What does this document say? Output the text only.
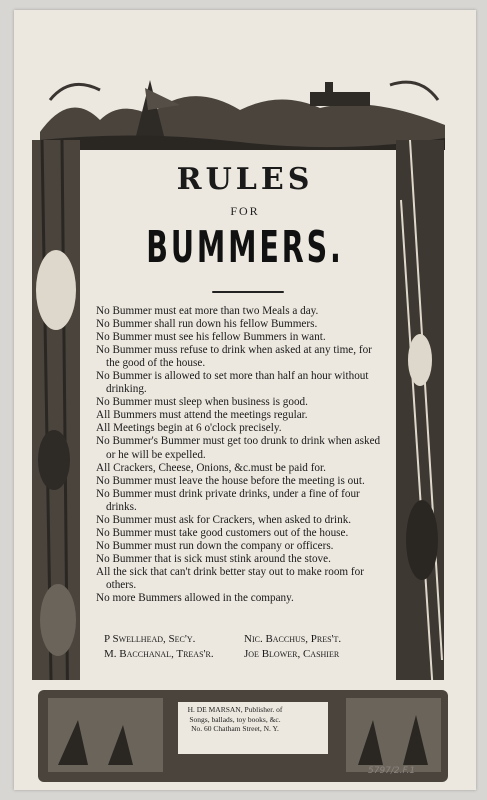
RULES
FOR
BUMMERS.
No Bummer must eat more than two Meals a day.
No Bummer shall run down his fellow Bummers.
No Bummer must see his fellow Bummers in want.
No Bummer muss refuse to drink when asked at any time, for the good of the house.
No Bummer is allowed to set more than half an hour without drinking.
No Bummer must sleep when business is good.
All Bummers must attend the meetings regular.
All Meetings begin at 6 o'clock precisely.
No Bummer's Bummer must get too drunk to drink when asked or he will be expelled.
All Crackers, Cheese, Onions, &c.must be paid for.
No Bummer must leave the house before the meeting is out.
No Bummer must drink private drinks, under a fine of four drinks.
No Bummer must ask for Crackers, when asked to drink.
No Bummer must take good customers out of the house.
No Bummer must run down the company or officers.
No Bummer that is sick must stink around the stove.
All the sick that can't drink better stay out to make room for others.
No more Bummers allowed in the company.
P Swellhead, Sec'y.
M. Bacchanal, Treas'r.
Nic. Bacchus, Pres't.
Joe Blower, Cashier
H. DE MARSAN, Publisher. of
Songs, ballads, toy books, &c.
No. 60 Chatham Street, N. Y.
5797/2.F.1
